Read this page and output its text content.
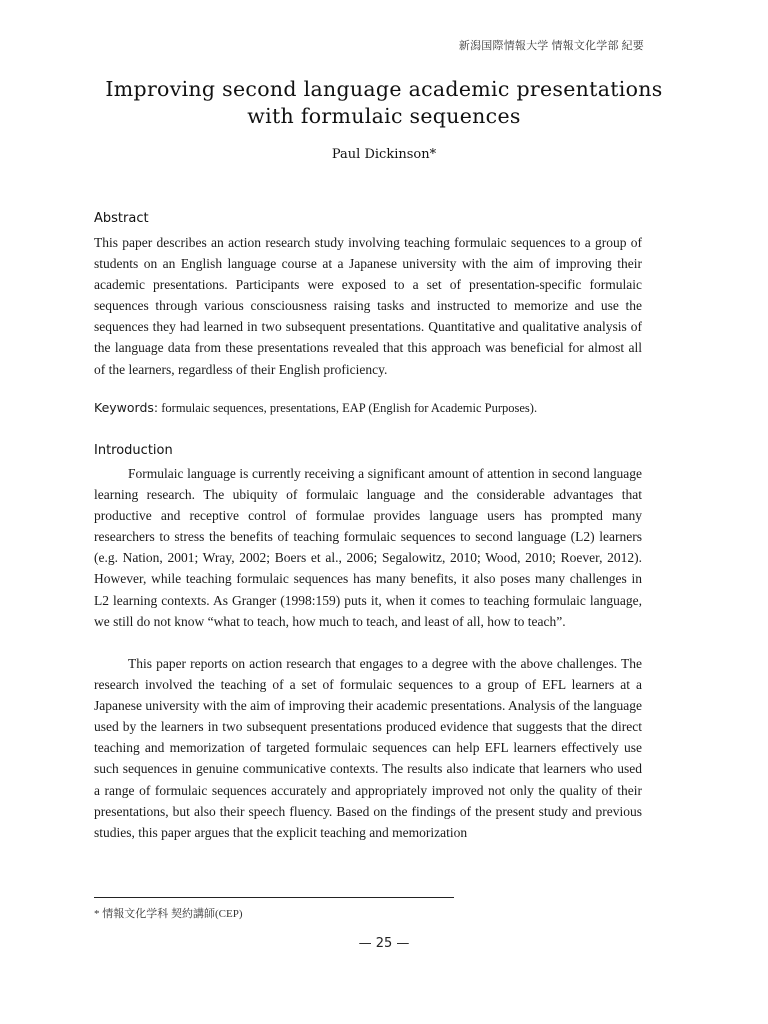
新潟国際情報大学 情報文化学部 紀要
Improving second language academic presentations with formulaic sequences
Paul Dickinson*
Abstract

This paper describes an action research study involving teaching formulaic sequences to a group of students on an English language course at a Japanese university with the aim of improving their academic presentations. Participants were exposed to a set of presentation-specific formulaic sequences through various consciousness raising tasks and instructed to memorize and use the sequences they had learned in two subsequent presentations. Quantitative and qualitative analysis of the language data from these presentations revealed that this approach was beneficial for almost all of the learners, regardless of their English proficiency.

Keywords: formulaic sequences, presentations, EAP (English for Academic Purposes).
Introduction

Formulaic language is currently receiving a significant amount of attention in second language learning research. The ubiquity of formulaic language and the considerable advantages that productive and receptive control of formulae provides language users has prompted many researchers to stress the benefits of teaching formulaic sequences to second language (L2) learners (e.g. Nation, 2001; Wray, 2002; Boers et al., 2006; Segalowitz, 2010; Wood, 2010; Roever, 2012). However, while teaching formulaic sequences has many benefits, it also poses many challenges in L2 learning contexts. As Granger (1998:159) puts it, when it comes to teaching formulaic language, we still do not know “what to teach, how much to teach, and least of all, how to teach”.

This paper reports on action research that engages to a degree with the above challenges. The research involved the teaching of a set of formulaic sequences to a group of EFL learners at a Japanese university with the aim of improving their academic presentations. Analysis of the language used by the learners in two subsequent presentations produced evidence that suggests that the direct teaching and memorization of targeted formulaic sequences can help EFL learners effectively use such sequences in genuine communicative contexts. The results also indicate that learners who used a range of formulaic sequences accurately and appropriately improved not only the quality of their presentations, but also their speech fluency. Based on the findings of the present study and previous studies, this paper argues that the explicit teaching and memorization

* 情報文化学科 契約講師(CEP)
— 25 —
